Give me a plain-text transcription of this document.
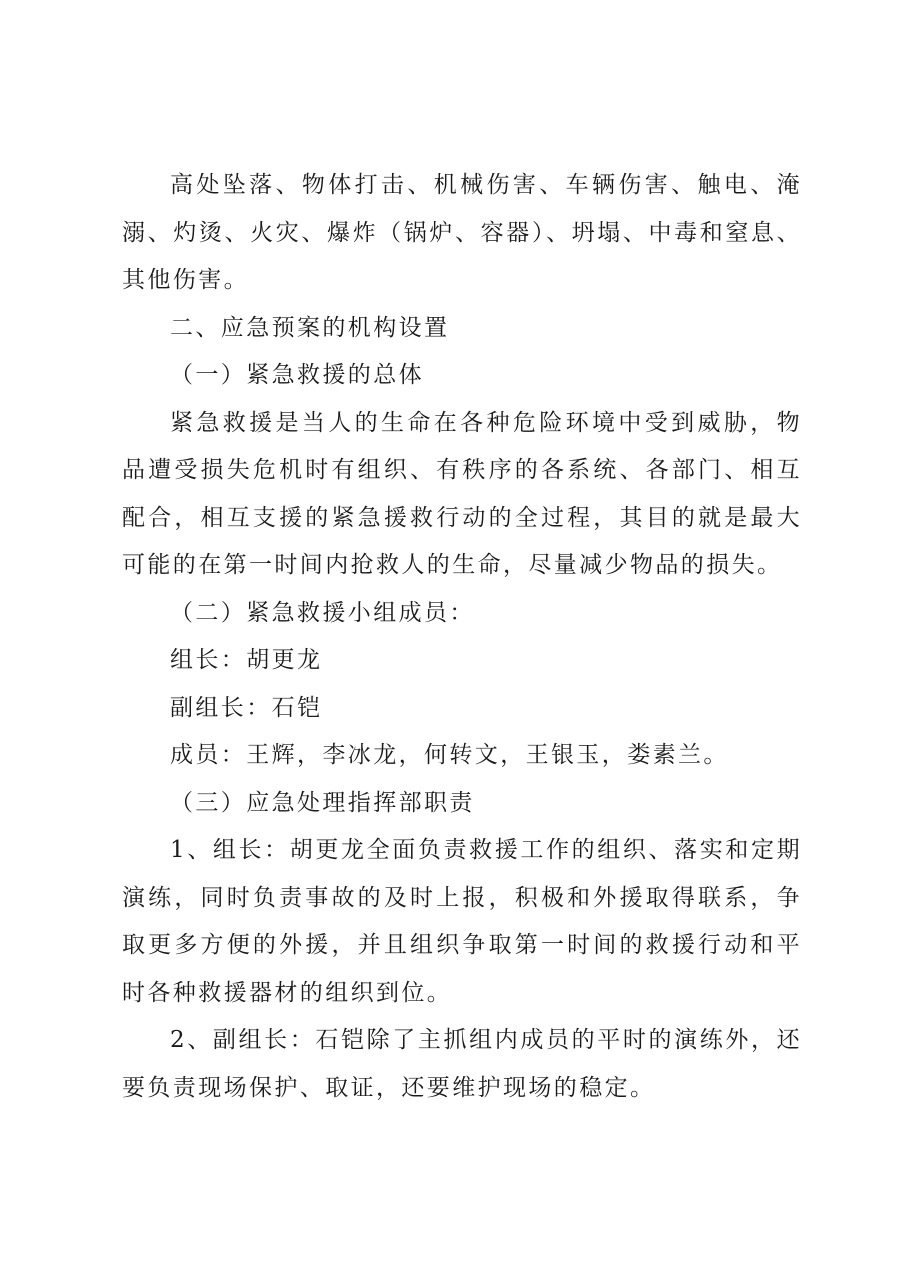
高处坠落、物体打击、机械伤害、车辆伤害、触电、淹溺、灼烫、火灾、爆炸（锅炉、容器）、坍塌、中毒和窒息、其他伤害。

二、应急预案的机构设置

（一）紧急救援的总体

紧急救援是当人的生命在各种危险环境中受到威胁，物品遭受损失危机时有组织、有秩序的各系统、各部门、相互配合，相互支援的紧急援救行动的全过程，其目的就是最大可能的在第一时间内抢救人的生命，尽量减少物品的损失。

（二）紧急救援小组成员：

组长：胡更龙

副组长：石铠

成员：王辉，李冰龙，何转文，王银玉，娄素兰。

（三）应急处理指挥部职责

1、组长：胡更龙全面负责救援工作的组织、落实和定期演练，同时负责事故的及时上报，积极和外援取得联系，争取更多方便的外援，并且组织争取第一时间的救援行动和平时各种救援器材的组织到位。

2、副组长：石铠除了主抓组内成员的平时的演练外，还要负责现场保护、取证，还要维护现场的稳定。
